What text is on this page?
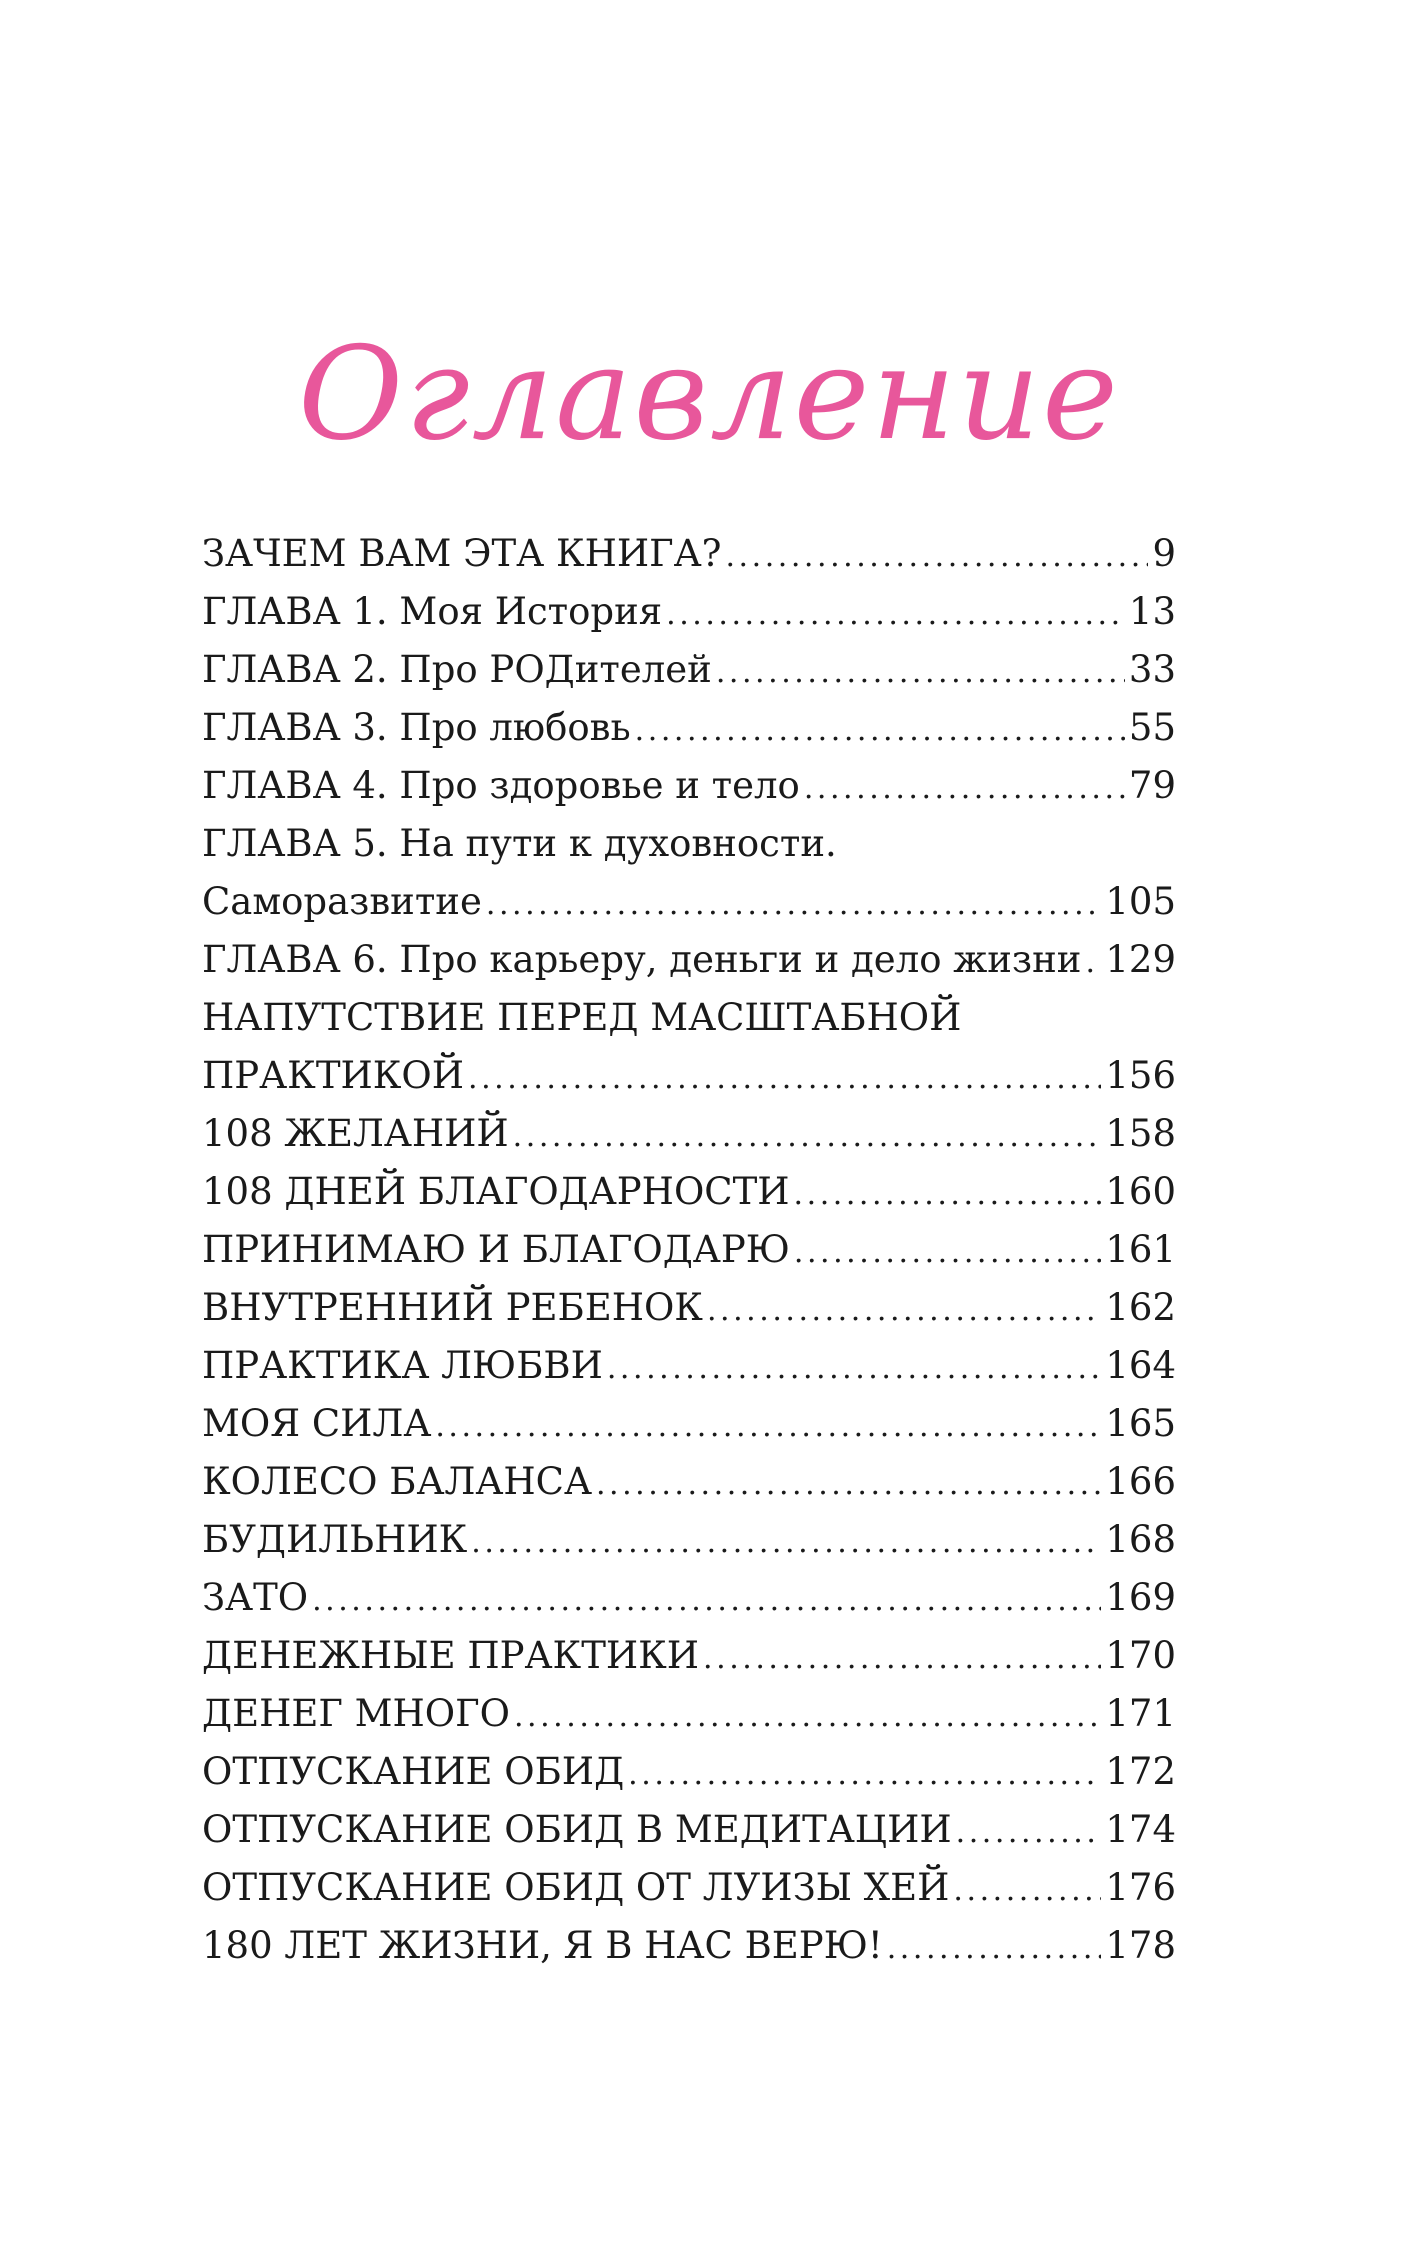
Оглавление
ЗАЧЕМ ВАМ ЭТА КНИГА? . . .	9
ГЛАВА 1. Моя История . . .	13
ГЛАВА 2. Про РОДителей . . .	33
ГЛАВА 3. Про любовь . . .	55
ГЛАВА 4. Про здоровье и тело . . .	79
ГЛАВА 5. На пути к духовности.
Саморазвитие . . .	105
ГЛАВА 6. Про карьеру, деньги и дело жизни . . . 129
НАПУТСТВИЕ ПЕРЕД МАСШТАБНОЙ
ПРАКТИКОЙ . . .	156
108 ЖЕЛАНИЙ . . .	158
108 ДНЕЙ БЛАГОДАРНОСТИ . . .	160
ПРИНИМАЮ И БЛАГОДАРЮ . . .	161
ВНУТРЕННИЙ РЕБЕНОК . . .	162
ПРАКТИКА ЛЮБВИ . . .	164
МОЯ СИЛА . . .	165
КОЛЕСО БАЛАНСА . . .	166
БУДИЛЬНИК . . .	168
ЗАТО . . .	169
ДЕНЕЖНЫЕ ПРАКТИКИ . . .	170
ДЕНЕГ МНОГО . . .	171
ОТПУСКАНИЕ ОБИД . . .	172
ОТПУСКАНИЕ ОБИД В МЕДИТАЦИИ . . .	174
ОТПУСКАНИЕ ОБИД ОТ ЛУИЗЫ ХЕЙ . . .	176
180 ЛЕТ ЖИЗНИ, Я В НАС ВЕРЮ! . . .	178
